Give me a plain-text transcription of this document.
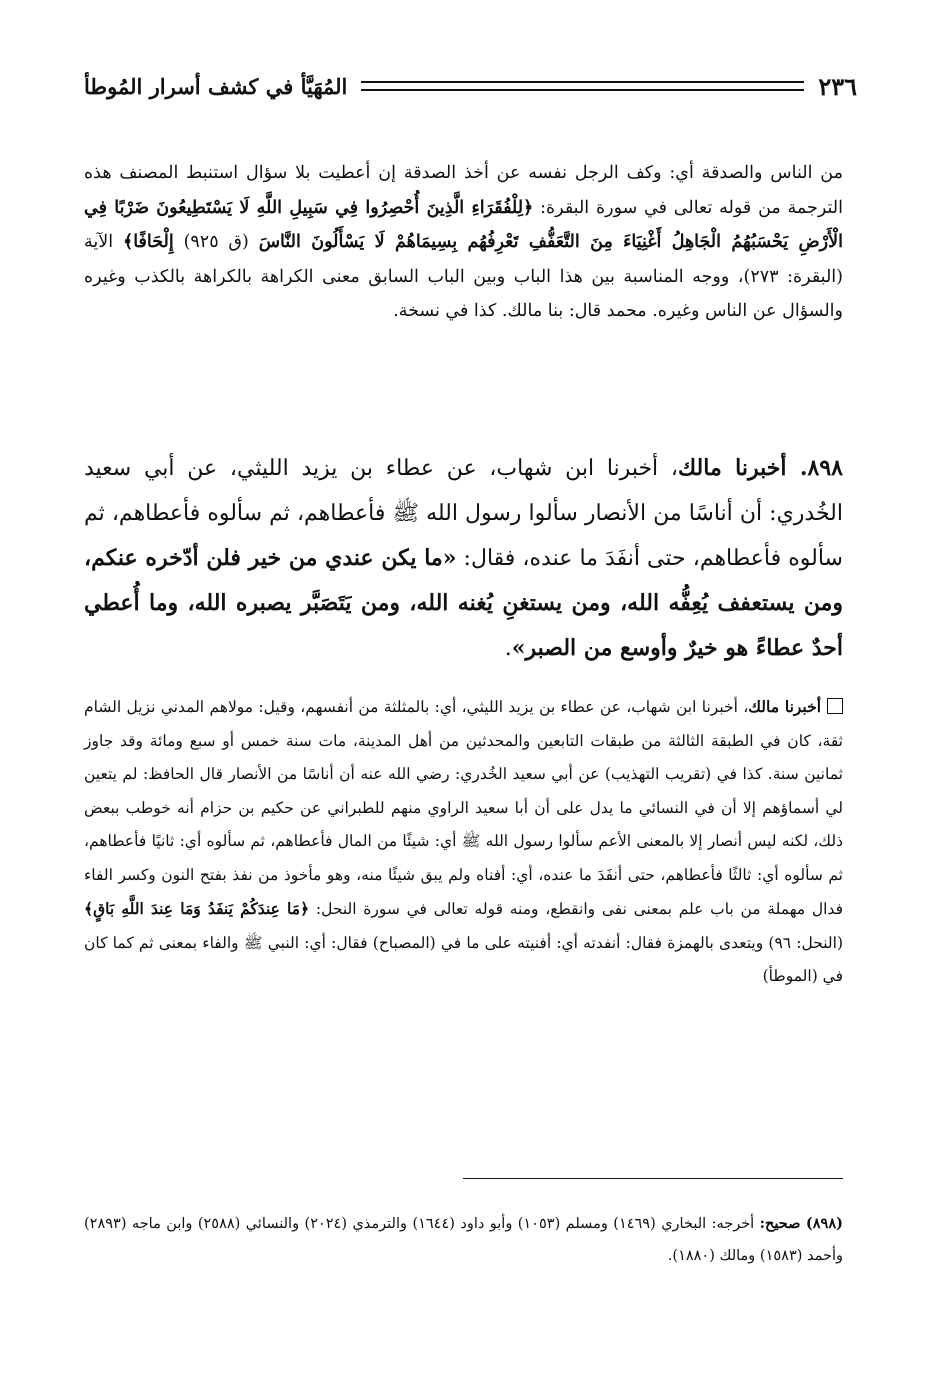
٢٣٦
المُهَيَّأ في كشف أسرار المُوطأ

من الناس والصدقة أي: وكف الرجل نفسه عن أخذ الصدقة إن أعطيت بلا سؤال استنبط المصنف هذه الترجمة من قوله تعالى في سورة البقرة: ﴿لِلْفُقَرَاءِ الَّذِينَ أُحْصِرُوا فِي سَبِيلِ اللَّهِ لَا يَسْتَطِيعُونَ ضَرْبًا فِي الْأَرْضِ يَحْسَبُهُمُ الْجَاهِلُ أَغْنِيَاءَ مِنَ التَّعَفُّفِ تَعْرِفُهُم بِسِيمَاهُمْ لَا يَسْأَلُونَ النَّاسَ (ق ٩٢٥) إِلْحَافًا﴾ الآية (البقرة: ٢٧٣)، ووجه المناسبة بين هذا الباب وبين الباب السابق معنى الكراهة بالكراهة بالكذب وغيره والسؤال عن الناس وغيره. محمد قال: بنا مالك. كذا في نسخة.

٨٩٨. أخبرنا مالك، أخبرنا ابن شهاب، عن عطاء بن يزيد الليثي، عن أبي سعيد الخُدري: أن أناسًا من الأنصار سألوا رسول الله ﷺ فأعطاهم، ثم سألوه فأعطاهم، ثم سألوه فأعطاهم، حتى أنفَدَ ما عنده، فقال: «ما يكن عندي من خير فلن أدّخره عنكم، ومن يستعفف يُعِفُّه الله، ومن يستغنِ يُغنه الله، ومن يَتَصَبَّر يصبره الله، وما أُعطي أحدٌ عطاءً هو خيرٌ وأوسع من الصبر».

أخبرنا مالك، أخبرنا ابن شهاب، عن عطاء بن يزيد الليثي، أي: بالمثلثة من أنفسهم، وقيل: مولاهم المدني نزيل الشام ثقة، كان في الطبقة الثالثة من طبقات التابعين والمحدثين من أهل المدينة، مات سنة خمس أو سبع ومائة وقد جاوز ثمانين سنة. كذا في (تقريب التهذيب) عن أبي سعيد الخُدري: رضي الله عنه أن أناسًا من الأنصار قال الحافظ: لم يتعين لي أسماؤهم إلا أن في النسائي ما يدل على أن أبا سعيد الراوي منهم للطبراني عن حكيم بن حزام أنه خوطب ببعض ذلك، لكنه ليس أنصار إلا بالمعنى الأعم سألوا رسول الله ﷺ أي: شيئًا من المال فأعطاهم، ثم سألوه أي: ثانيًا فأعطاهم، ثم سألوه أي: ثالثًا فأعطاهم، حتى أنفَدَ ما عنده، أي: أفناه ولم يبق شيئًا منه، وهو مأخوذ من نفذ بفتح النون وكسر الفاء فدال مهملة من باب علم بمعنى نفى وانقطع، ومنه قوله تعالى في سورة النحل: ﴿مَا عِندَكُمْ يَنفَدُ وَمَا عِندَ اللَّهِ بَاقٍ﴾ (النحل: ٩٦) ويتعدى بالهمزة فقال: أنفدته أي: أفنيته على ما في (المصباح) فقال: أي: النبي ﷺ والفاء بمعنى ثم كما كان في (الموطأ)

(٨٩٨) صحيح: أخرجه: البخاري (١٤٦٩) ومسلم (١٠٥٣) وأبو داود (١٦٤٤) والترمذي (٢٠٢٤) والنسائي (٢٥٨٨) وابن ماجه (٢٨٩٣) وأحمد (١٥٨٣) ومالك (١٨٨٠).
